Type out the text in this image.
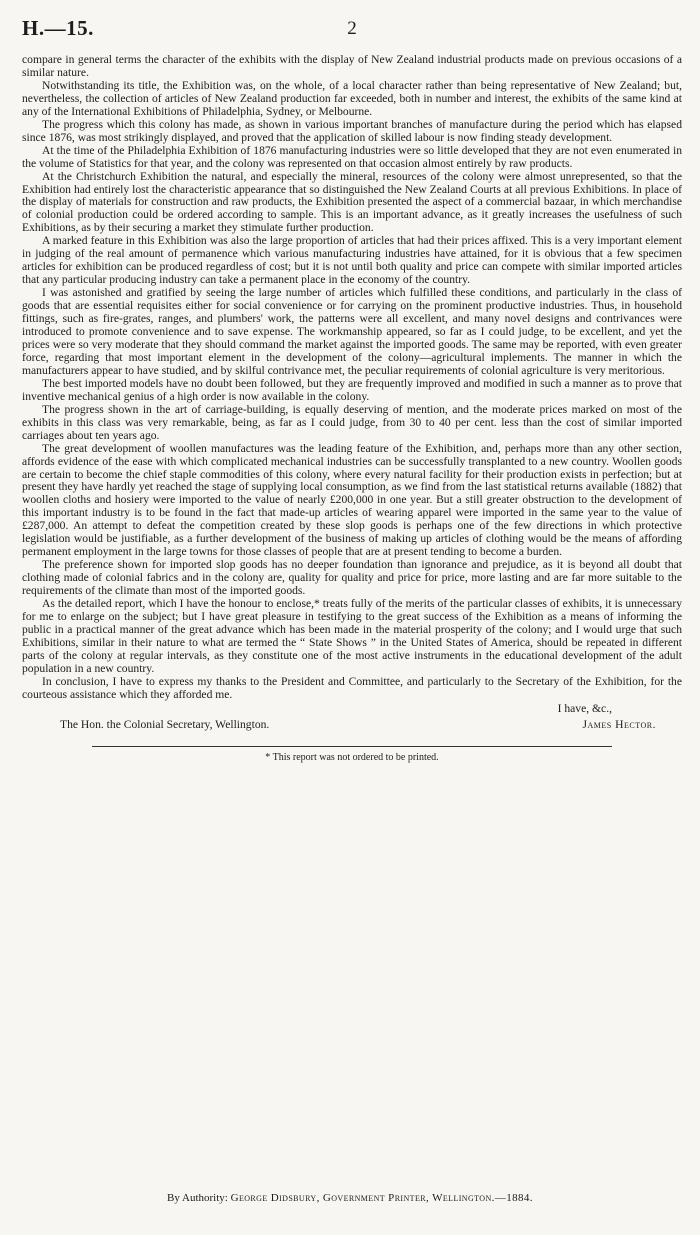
H.—15.	2

compare in general terms the character of the exhibits with the display of New Zealand industrial products made on previous occasions of a similar nature.

Notwithstanding its title, the Exhibition was, on the whole, of a local character rather than being representative of New Zealand; but, nevertheless, the collection of articles of New Zealand production far exceeded, both in number and interest, the exhibits of the same kind at any of the International Exhibitions of Philadelphia, Sydney, or Melbourne.

The progress which this colony has made, as shown in various important branches of manufacture during the period which has elapsed since 1876, was most strikingly displayed, and proved that the application of skilled labour is now finding steady development.

At the time of the Philadelphia Exhibition of 1876 manufacturing industries were so little developed that they are not even enumerated in the volume of Statistics for that year, and the colony was represented on that occasion almost entirely by raw products.

At the Christchurch Exhibition the natural, and especially the mineral, resources of the colony were almost unrepresented, so that the Exhibition had entirely lost the characteristic appearance that so distinguished the New Zealand Courts at all previous Exhibitions. In place of the display of materials for construction and raw products, the Exhibition presented the aspect of a commercial bazaar, in which merchandise of colonial production could be ordered according to sample. This is an important advance, as it greatly increases the usefulness of such Exhibitions, as by their securing a market they stimulate further production.

A marked feature in this Exhibition was also the large proportion of articles that had their prices affixed. This is a very important element in judging of the real amount of permanence which various manufacturing industries have attained, for it is obvious that a few specimen articles for exhibition can be produced regardless of cost; but it is not until both quality and price can compete with similar imported articles that any particular producing industry can take a permanent place in the economy of the country.

I was astonished and gratified by seeing the large number of articles which fulfilled these conditions, and particularly in the class of goods that are essential requisites either for social convenience or for carrying on the prominent productive industries. Thus, in household fittings, such as fire-grates, ranges, and plumbers' work, the patterns were all excellent, and many novel designs and contrivances were introduced to promote convenience and to save expense. The workmanship appeared, so far as I could judge, to be excellent, and yet the prices were so very moderate that they should command the market against the imported goods. The same may be reported, with even greater force, regarding that most important element in the development of the colony—agricultural implements. The manner in which the manufacturers appear to have studied, and by skilful contrivance met, the peculiar requirements of colonial agriculture is very meritorious.

The best imported models have no doubt been followed, but they are frequently improved and modified in such a manner as to prove that inventive mechanical genius of a high order is now available in the colony.

The progress shown in the art of carriage-building, is equally deserving of mention, and the moderate prices marked on most of the exhibits in this class was very remarkable, being, as far as I could judge, from 30 to 40 per cent. less than the cost of similar imported carriages about ten years ago.

The great development of woollen manufactures was the leading feature of the Exhibition, and, perhaps more than any other section, affords evidence of the ease with which complicated mechanical industries can be successfully transplanted to a new country. Woollen goods are certain to become the chief staple commodities of this colony, where every natural facility for their production exists in perfection; but at present they have hardly yet reached the stage of supplying local consumption, as we find from the last statistical returns available (1882) that woollen cloths and hosiery were imported to the value of nearly £200,000 in one year. But a still greater obstruction to the development of this important industry is to be found in the fact that made-up articles of wearing apparel were imported in the same year to the value of £287,000. An attempt to defeat the competition created by these slop goods is perhaps one of the few directions in which protective legislation would be justifiable, as a further development of the business of making up articles of clothing would be the means of affording permanent employment in the large towns for those classes of people that are at present tending to become a burden.

The preference shown for imported slop goods has no deeper foundation than ignorance and prejudice, as it is beyond all doubt that clothing made of colonial fabrics and in the colony are, quality for quality and price for price, more lasting and are far more suitable to the requirements of the climate than most of the imported goods.

As the detailed report, which I have the honour to enclose,* treats fully of the merits of the particular classes of exhibits, it is unnecessary for me to enlarge on the subject; but I have great pleasure in testifying to the great success of the Exhibition as a means of informing the public in a practical manner of the great advance which has been made in the material prosperity of the colony; and I would urge that such Exhibitions, similar in their nature to what are termed the “ State Shows ” in the United States of America, should be repeated in different parts of the colony at regular intervals, as they constitute one of the most active instruments in the educational development of the adult population in a new country.

In conclusion, I have to express my thanks to the President and Committee, and particularly to the Secretary of the Exhibition, for the courteous assistance which they afforded me.

I have, &c.,
The Hon. the Colonial Secretary, Wellington.	James Hector.
* This report was not ordered to be printed.
By Authority: George Didsbury, Government Printer, Wellington.—1884.
